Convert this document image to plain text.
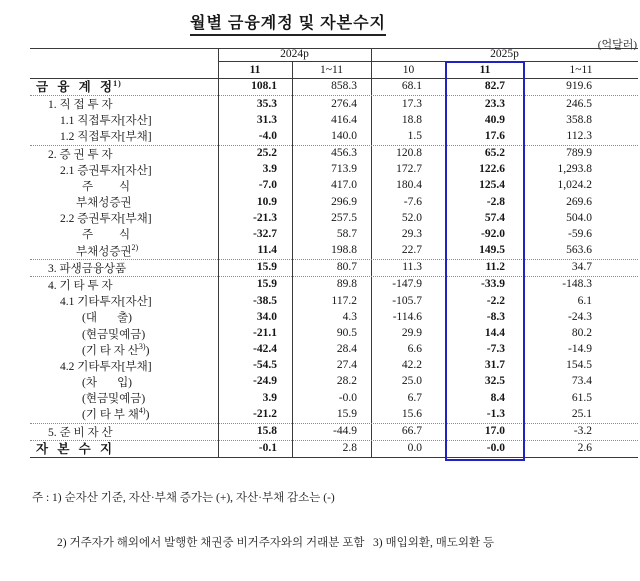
월별 금융계정 및 자본수지
(억달러)
2024p	2025p
11	1~11	10	11	1~11
금  융  계  정$^{1)}$	108.1	858.3	68.1	82.7	919.6
1. 직 접 투 자	35.3	276.4	17.3	23.3	246.5
1.1 직접투자[자산]	31.3	416.4	18.8	40.9	358.8
1.2 직접투자[부채]	-4.0	140.0	1.5	17.6	112.3
2. 증 권 투 자	25.2	456.3	120.8	65.2	789.9
2.1 증권투자[자산]	3.9	713.9	172.7	122.6	1,293.8
주         식	-7.0	417.0	180.4	125.4	1,024.2
부채성증권	10.9	296.9	-7.6	-2.8	269.6
2.2 증권투자[부채]	-21.3	257.5	52.0	57.4	504.0
주         식	-32.7	58.7	29.3	-92.0	-59.6
부채성증권$^{2)}$	11.4	198.8	22.7	149.5	563.6
3. 파생금융상품	15.9	80.7	11.3	11.2	34.7
4. 기 타 투 자	15.9	89.8	-147.9	-33.9	-148.3
4.1 기타투자[자산]	-38.5	117.2	-105.7	-2.2	6.1
(대       출)	34.0	4.3	-114.6	-8.3	-24.3
(현금및예금)	-21.1	90.5	29.9	14.4	80.2
(기 타 자 산$^{3)}$)	-42.4	28.4	6.6	-7.3	-14.9
4.2 기타투자[부채]	-54.5	27.4	42.2	31.7	154.5
(차       입)	-24.9	28.2	25.0	32.5	73.4
(현금및예금)	3.9	-0.0	6.7	8.4	61.5
(기 타 부 채$^{4)}$)	-21.2	15.9	15.6	-1.3	25.1
5. 준 비 자 산	15.8	-44.9	66.7	17.0	-3.2
자  본  수  지	-0.1	2.8	0.0	-0.0	2.6

주 : 1) 순자산 기준, 자산·부채 증가는 (+), 자산·부채 감소는 (-)

2) 거주자가 해외에서 발행한 채권중 비거주자와의 거래분 포함   3) 매입외환, 매도외환 등
